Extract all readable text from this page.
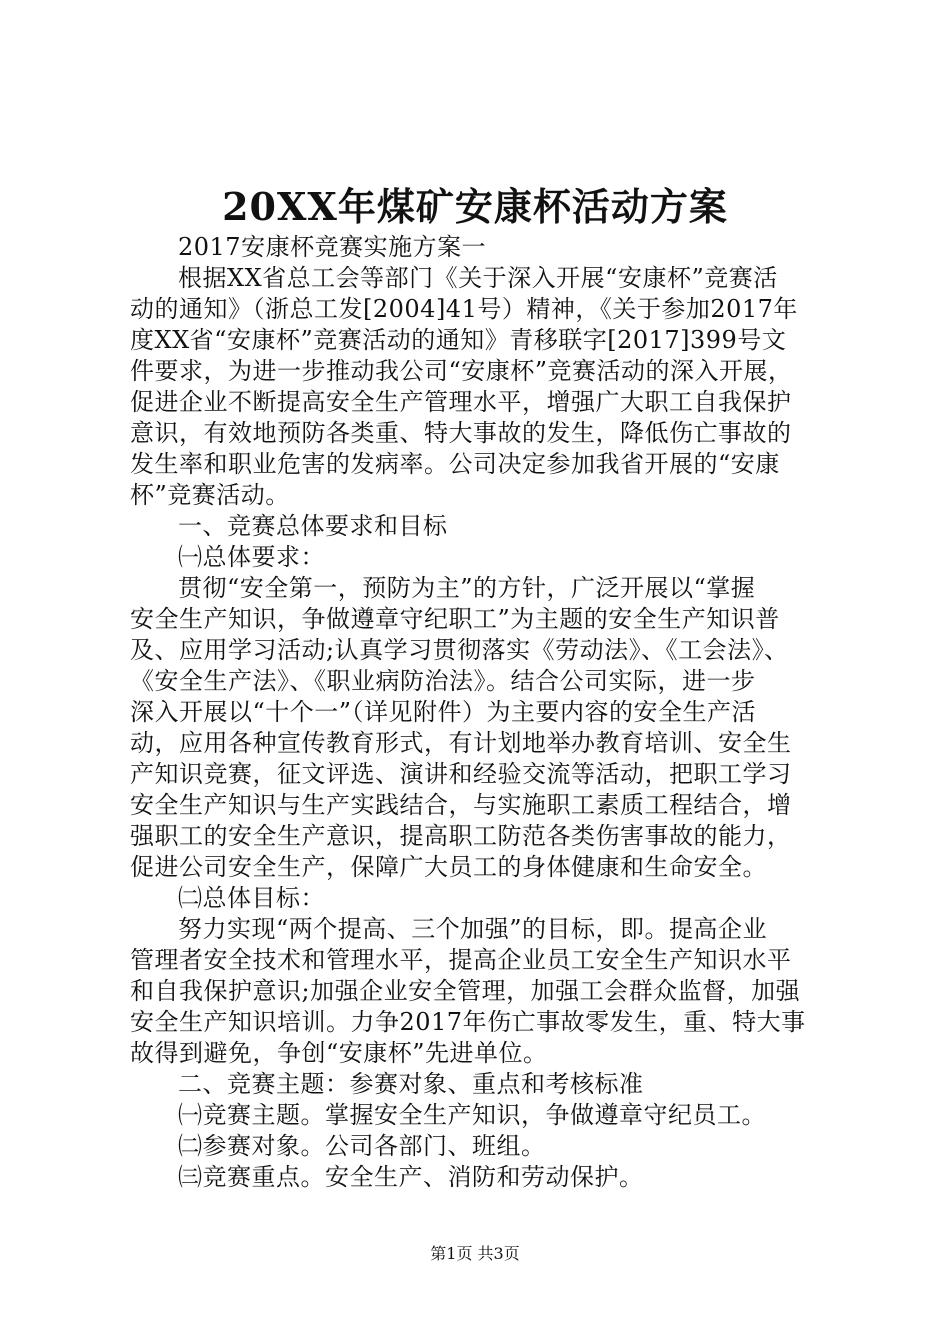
20XX年煤矿安康杯活动方案
2017安康杯竞赛实施方案一
根据XX省总工会等部门《关于深入开展“安康杯”竞赛活
动的通知》（浙总工发[2004]41号）精神，《关于参加2017年
度XX省“安康杯”竞赛活动的通知》青移联字[2017]399号文
件要求，为进一步推动我公司“安康杯”竞赛活动的深入开展，
促进企业不断提高安全生产管理水平，增强广大职工自我保护
意识，有效地预防各类重、特大事故的发生，降低伤亡事故的
发生率和职业危害的发病率。公司决定参加我省开展的“安康
杯”竞赛活动。
一、竞赛总体要求和目标
㈠总体要求：
贯彻“安全第一，预防为主”的方针，广泛开展以“掌握
安全生产知识，争做遵章守纪职工”为主题的安全生产知识普
及、应用学习活动;认真学习贯彻落实《劳动法》、《工会法》、
《安全生产法》、《职业病防治法》。结合公司实际，进一步
深入开展以“十个一”（详见附件）为主要内容的安全生产活
动，应用各种宣传教育形式，有计划地举办教育培训、安全生
产知识竞赛，征文评选、演讲和经验交流等活动，把职工学习
安全生产知识与生产实践结合，与实施职工素质工程结合，增
强职工的安全生产意识，提高职工防范各类伤害事故的能力，
促进公司安全生产，保障广大员工的身体健康和生命安全。
㈡总体目标：
努力实现“两个提高、三个加强”的目标，即。提高企业
管理者安全技术和管理水平，提高企业员工安全生产知识水平
和自我保护意识;加强企业安全管理，加强工会群众监督，加强
安全生产知识培训。力争2017年伤亡事故零发生，重、特大事
故得到避免，争创“安康杯”先进单位。
二、竞赛主题：参赛对象、重点和考核标准
㈠竞赛主题。掌握安全生产知识，争做遵章守纪员工。
㈡参赛对象。公司各部门、班组。
㈢竞赛重点。安全生产、消防和劳动保护。
第1页 共3页
